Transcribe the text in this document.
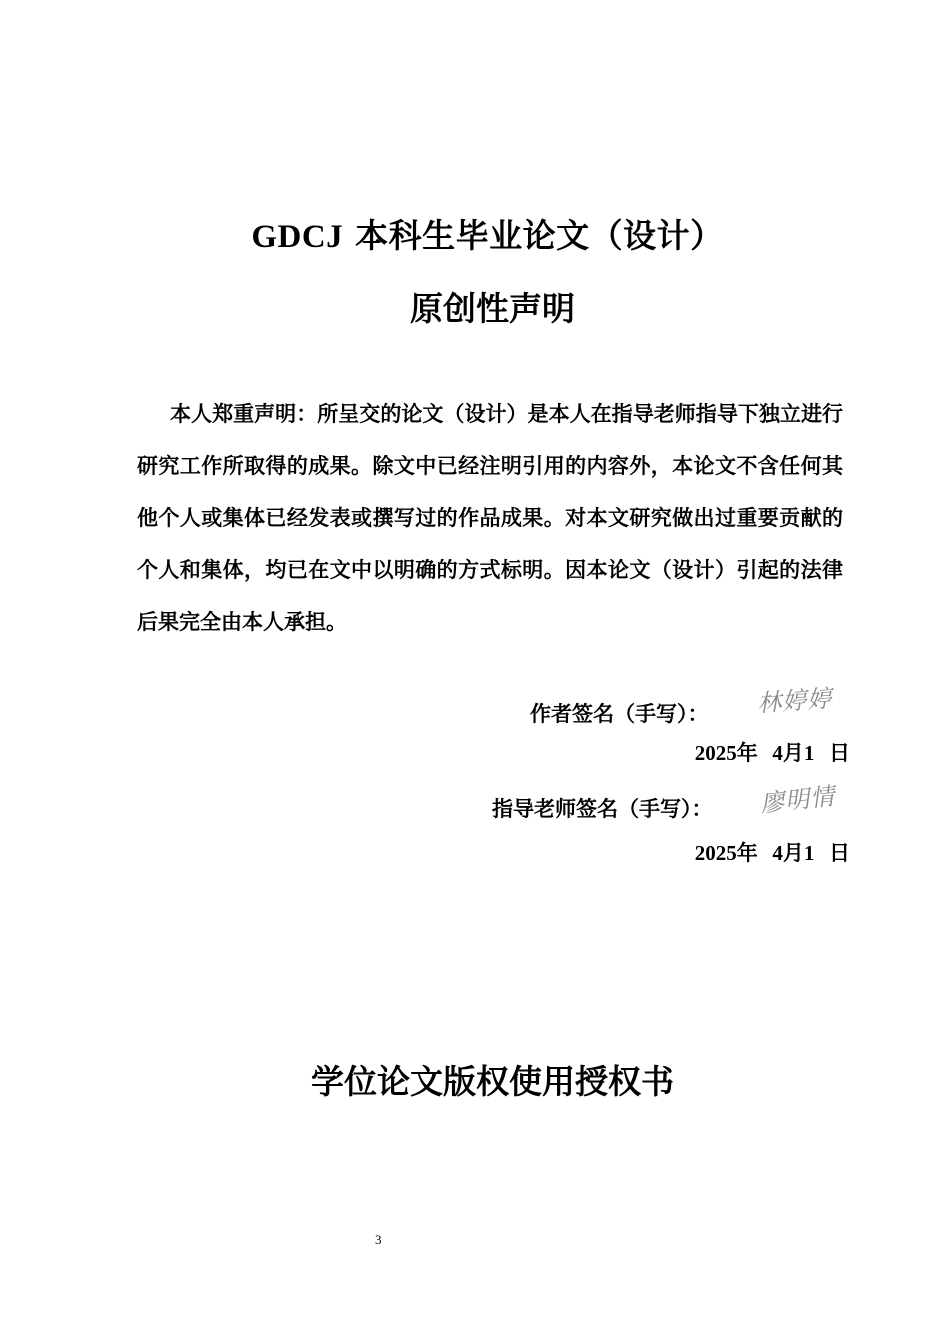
GDCJ 本科生毕业论文（设计）
原创性声明
本人郑重声明：所呈交的论文（设计）是本人在指导老师指导下独立进行研究工作所取得的成果。除文中已经注明引用的内容外，本论文不含任何其他个人或集体已经发表或撰写过的作品成果。对本文研究做出过重要贡献的个人和集体，均已在文中以明确的方式标明。因本论文（设计）引起的法律后果完全由本人承担。
作者签名（手写）： 林婷婷
2025年 4月1 日
指导老师签名（手写）： 廖明情
2025年 4月1 日
学位论文版权使用授权书
3
